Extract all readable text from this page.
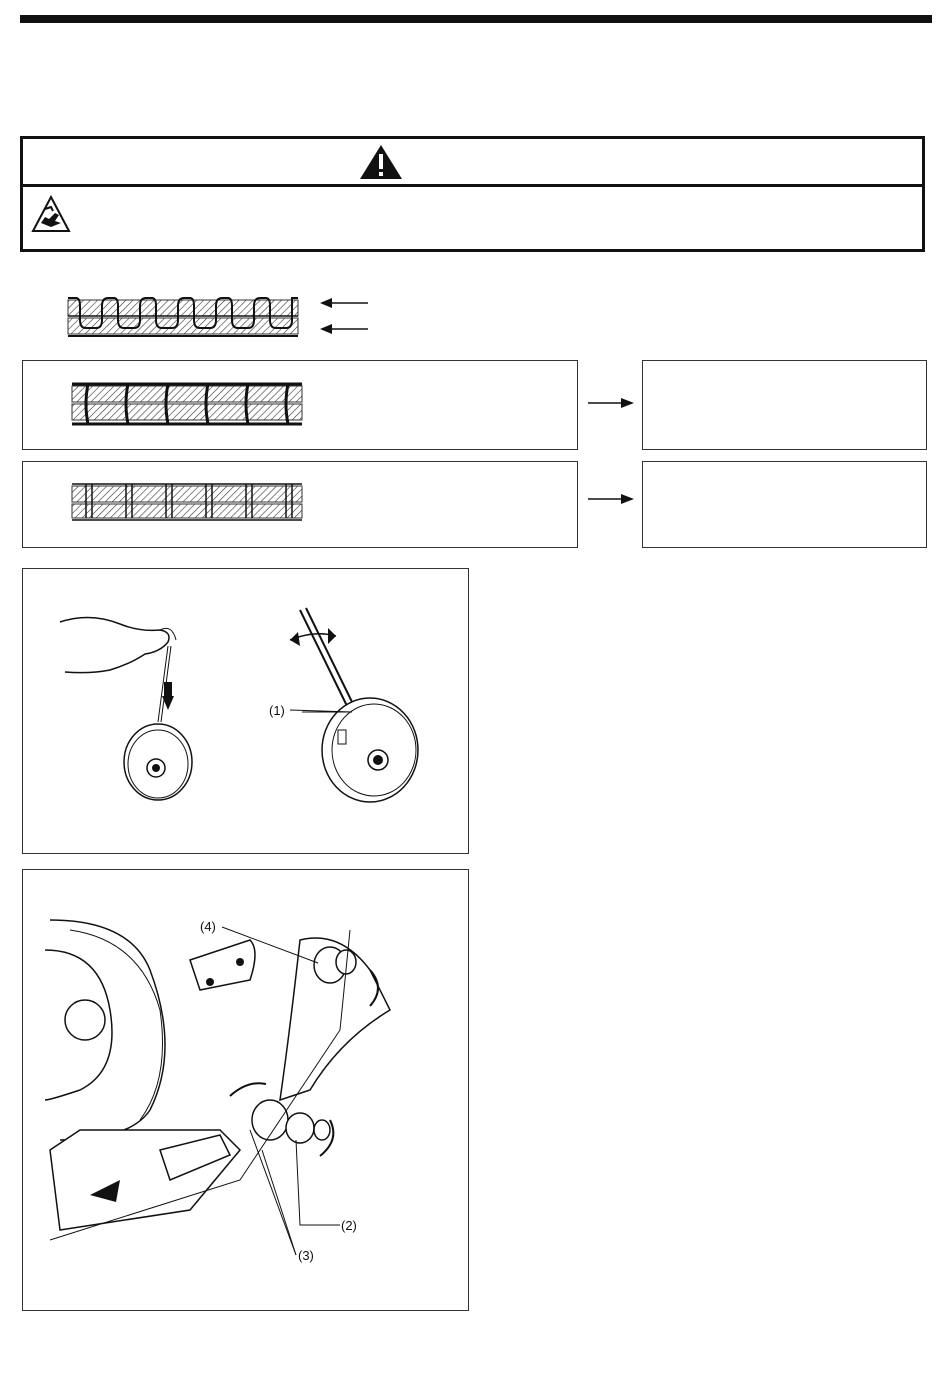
(1)
(4)
(2)
(3)
